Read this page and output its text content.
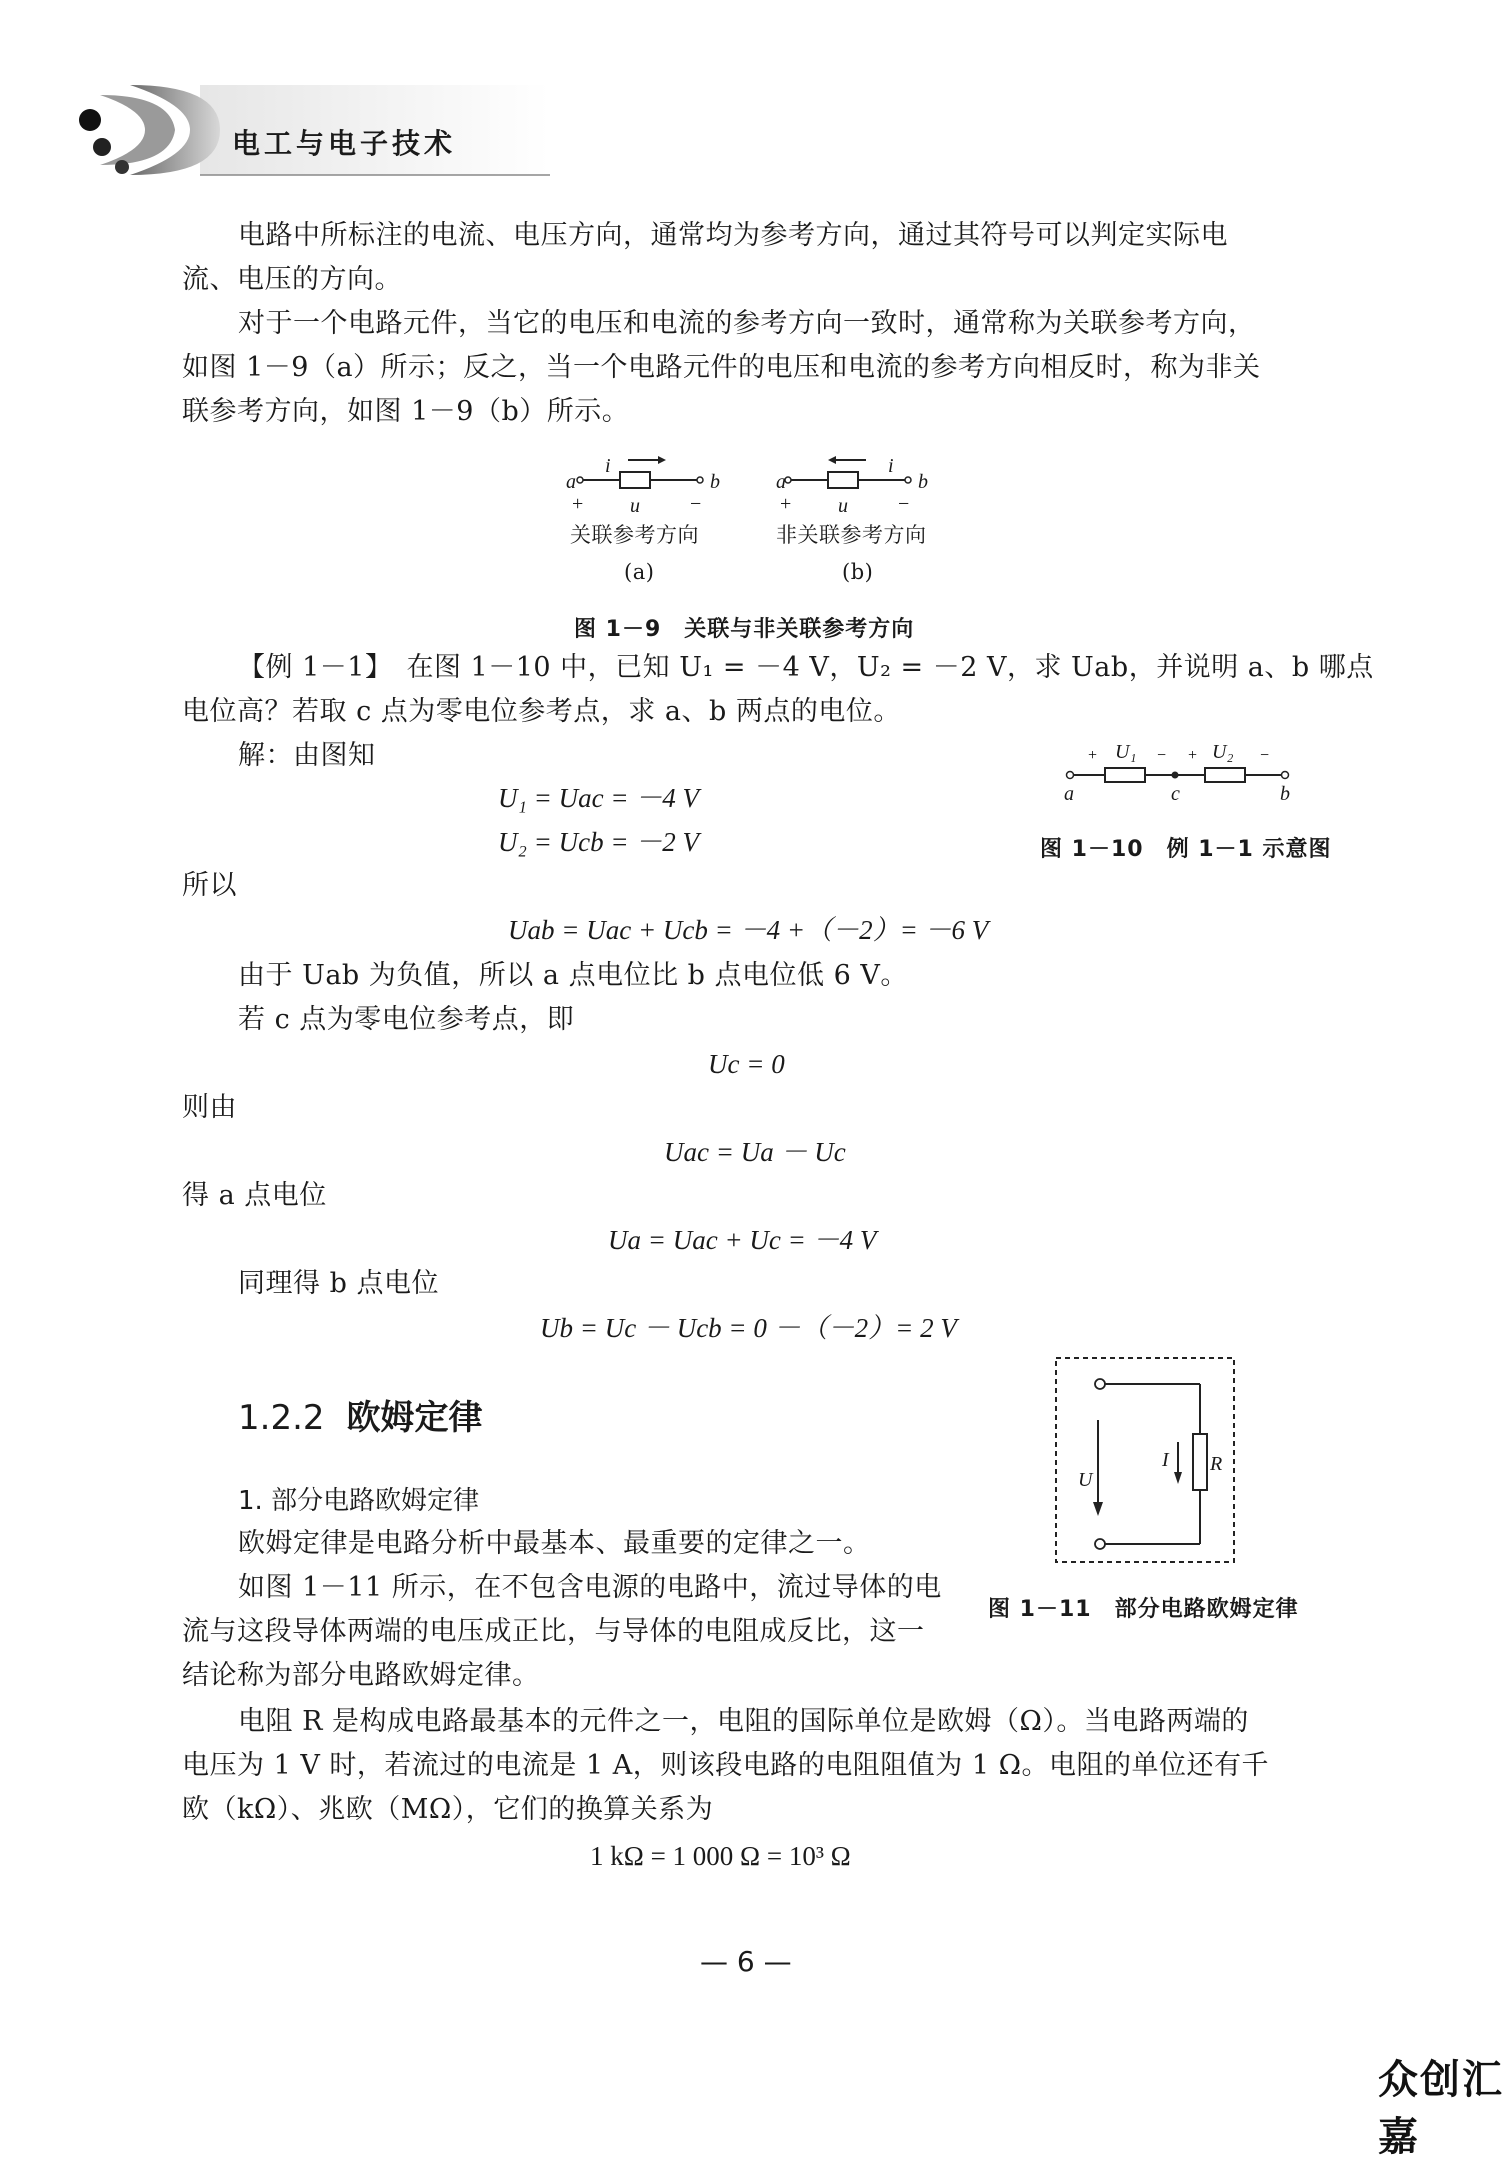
电工与电子技术
电路中所标注的电流、电压方向，通常均为参考方向，通过其符号可以判定实际电
流、电压的方向。
对于一个电路元件，当它的电压和电流的参考方向一致时，通常称为关联参考方向，
如图 1－9（a）所示；反之，当一个电路元件的电压和电流的参考方向相反时，称为非关
联参考方向，如图 1－9（b）所示。
a	b
i
u
+	−
a	b
i
u
+	−
关联参考方向	非关联参考方向
(a)	(b)
图 1－9　关联与非关联参考方向
【例 1－1】　在图 1－10 中，已知 U₁ = －4 V，U₂ = －2 V，求 Uab，并说明 a、b 哪点
电位高？若取 c 点为零电位参考点，求 a、b 两点的电位。
解：由图知
U₁ = Uac = －4 V
U₂ = Ucb = －2 V
所以
Uab = Uac + Ucb = －4 +（－2）= －6 V
由于 Uab 为负值，所以 a 点电位比 b 点电位低 6 V。
若 c 点为零电位参考点，即
Uc = 0
则由
Uac = Ua － Uc
得 a 点电位
Ua = Uac + Uc = －4 V
同理得 b 点电位
Ub = Uc － Ucb = 0 －（－2）= 2 V
+	− +	−
U₁	U₂
a	c	b
图 1－10　例 1－1 示意图
1.2.2 欧姆定律
1. 部分电路欧姆定律
欧姆定律是电路分析中最基本、最重要的定律之一。
如图 1－11 所示，在不包含电源的电路中，流过导体的电
流与这段导体两端的电压成正比，与导体的电阻成反比，这一
结论称为部分电路欧姆定律。
电阻 R 是构成电路最基本的元件之一，电阻的国际单位是欧姆（Ω）。当电路两端的
电压为 1 V 时，若流过的电流是 1 A，则该段电路的电阻阻值为 1 Ω。电阻的单位还有千
欧（kΩ）、兆欧（MΩ），它们的换算关系为
1 kΩ = 1 000 Ω = 10³ Ω
U
I R
图 1－11　部分电路欧姆定律
— 6 —
众创汇嘉
